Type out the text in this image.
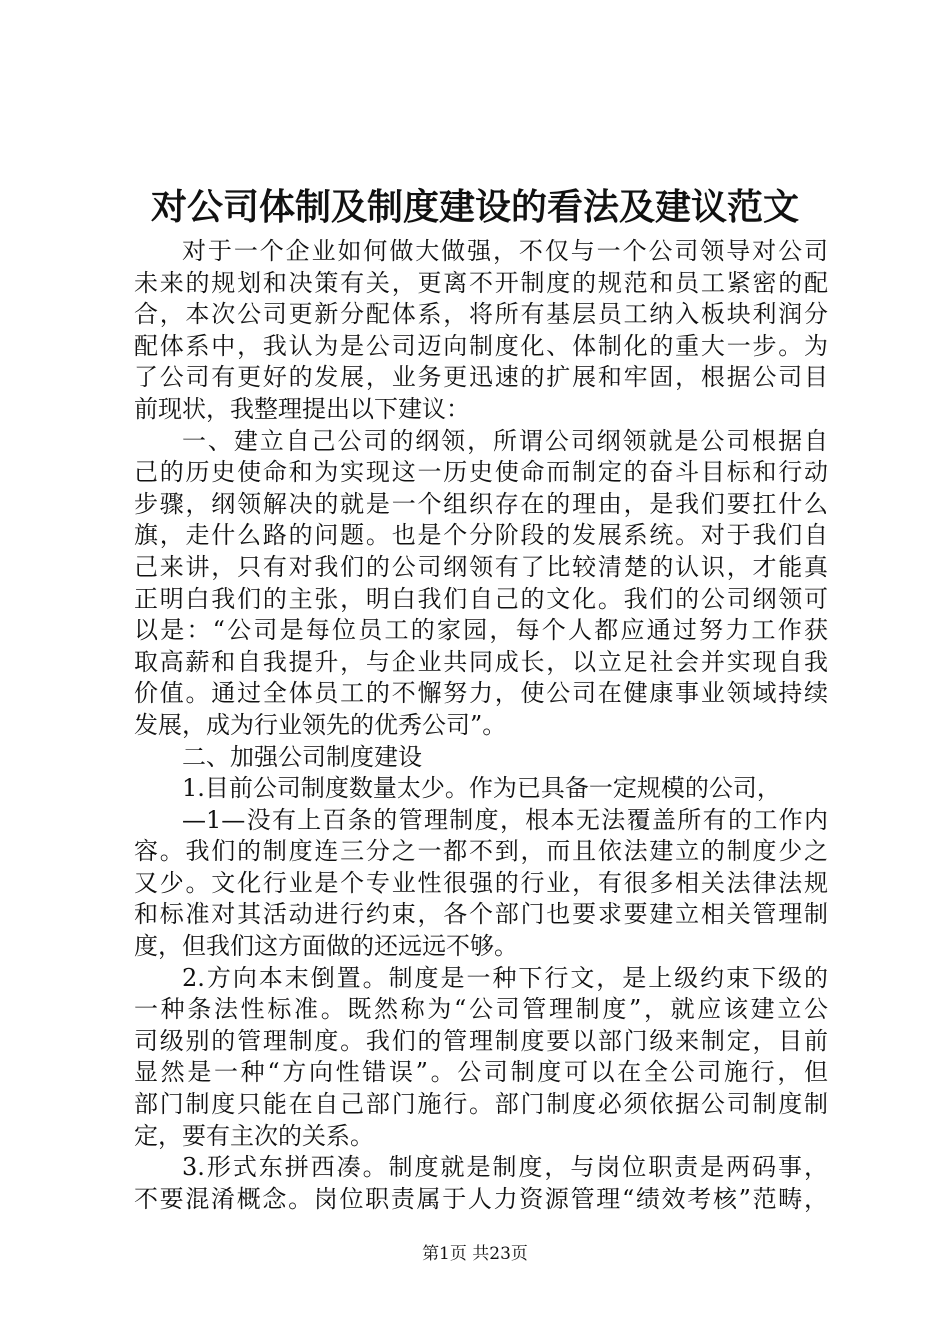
对公司体制及制度建设的看法及建议范文
对于一个企业如何做大做强，不仅与一个公司领导对公司
未来的规划和决策有关，更离不开制度的规范和员工紧密的配
合，本次公司更新分配体系，将所有基层员工纳入板块利润分
配体系中，我认为是公司迈向制度化、体制化的重大一步。为
了公司有更好的发展，业务更迅速的扩展和牢固，根据公司目
前现状，我整理提出以下建议：
一、建立自己公司的纲领，所谓公司纲领就是公司根据自
己的历史使命和为实现这一历史使命而制定的奋斗目标和行动
步骤，纲领解决的就是一个组织存在的理由，是我们要扛什么
旗，走什么路的问题。也是个分阶段的发展系统。对于我们自
己来讲，只有对我们的公司纲领有了比较清楚的认识，才能真
正明白我们的主张，明白我们自己的文化。我们的公司纲领可
以是：“公司是每位员工的家园，每个人都应通过努力工作获
取高薪和自我提升，与企业共同成长，以立足社会并实现自我
价值。通过全体员工的不懈努力，使公司在健康事业领域持续
发展，成为行业领先的优秀公司”。
二、加强公司制度建设
1.目前公司制度数量太少。作为已具备一定规模的公司，
—1—没有上百条的管理制度，根本无法覆盖所有的工作内
容。我们的制度连三分之一都不到，而且依法建立的制度少之
又少。文化行业是个专业性很强的行业，有很多相关法律法规
和标准对其活动进行约束，各个部门也要求要建立相关管理制
度，但我们这方面做的还远远不够。
2.方向本末倒置。制度是一种下行文，是上级约束下级的
一种条法性标准。既然称为“公司管理制度”，就应该建立公
司级别的管理制度。我们的管理制度要以部门级来制定，目前
显然是一种“方向性错误”。公司制度可以在全公司施行，但
部门制度只能在自己部门施行。部门制度必须依据公司制度制
定，要有主次的关系。
3.形式东拼西凑。制度就是制度，与岗位职责是两码事，
不要混淆概念。岗位职责属于人力资源管理“绩效考核”范畴，
第1页 共23页
